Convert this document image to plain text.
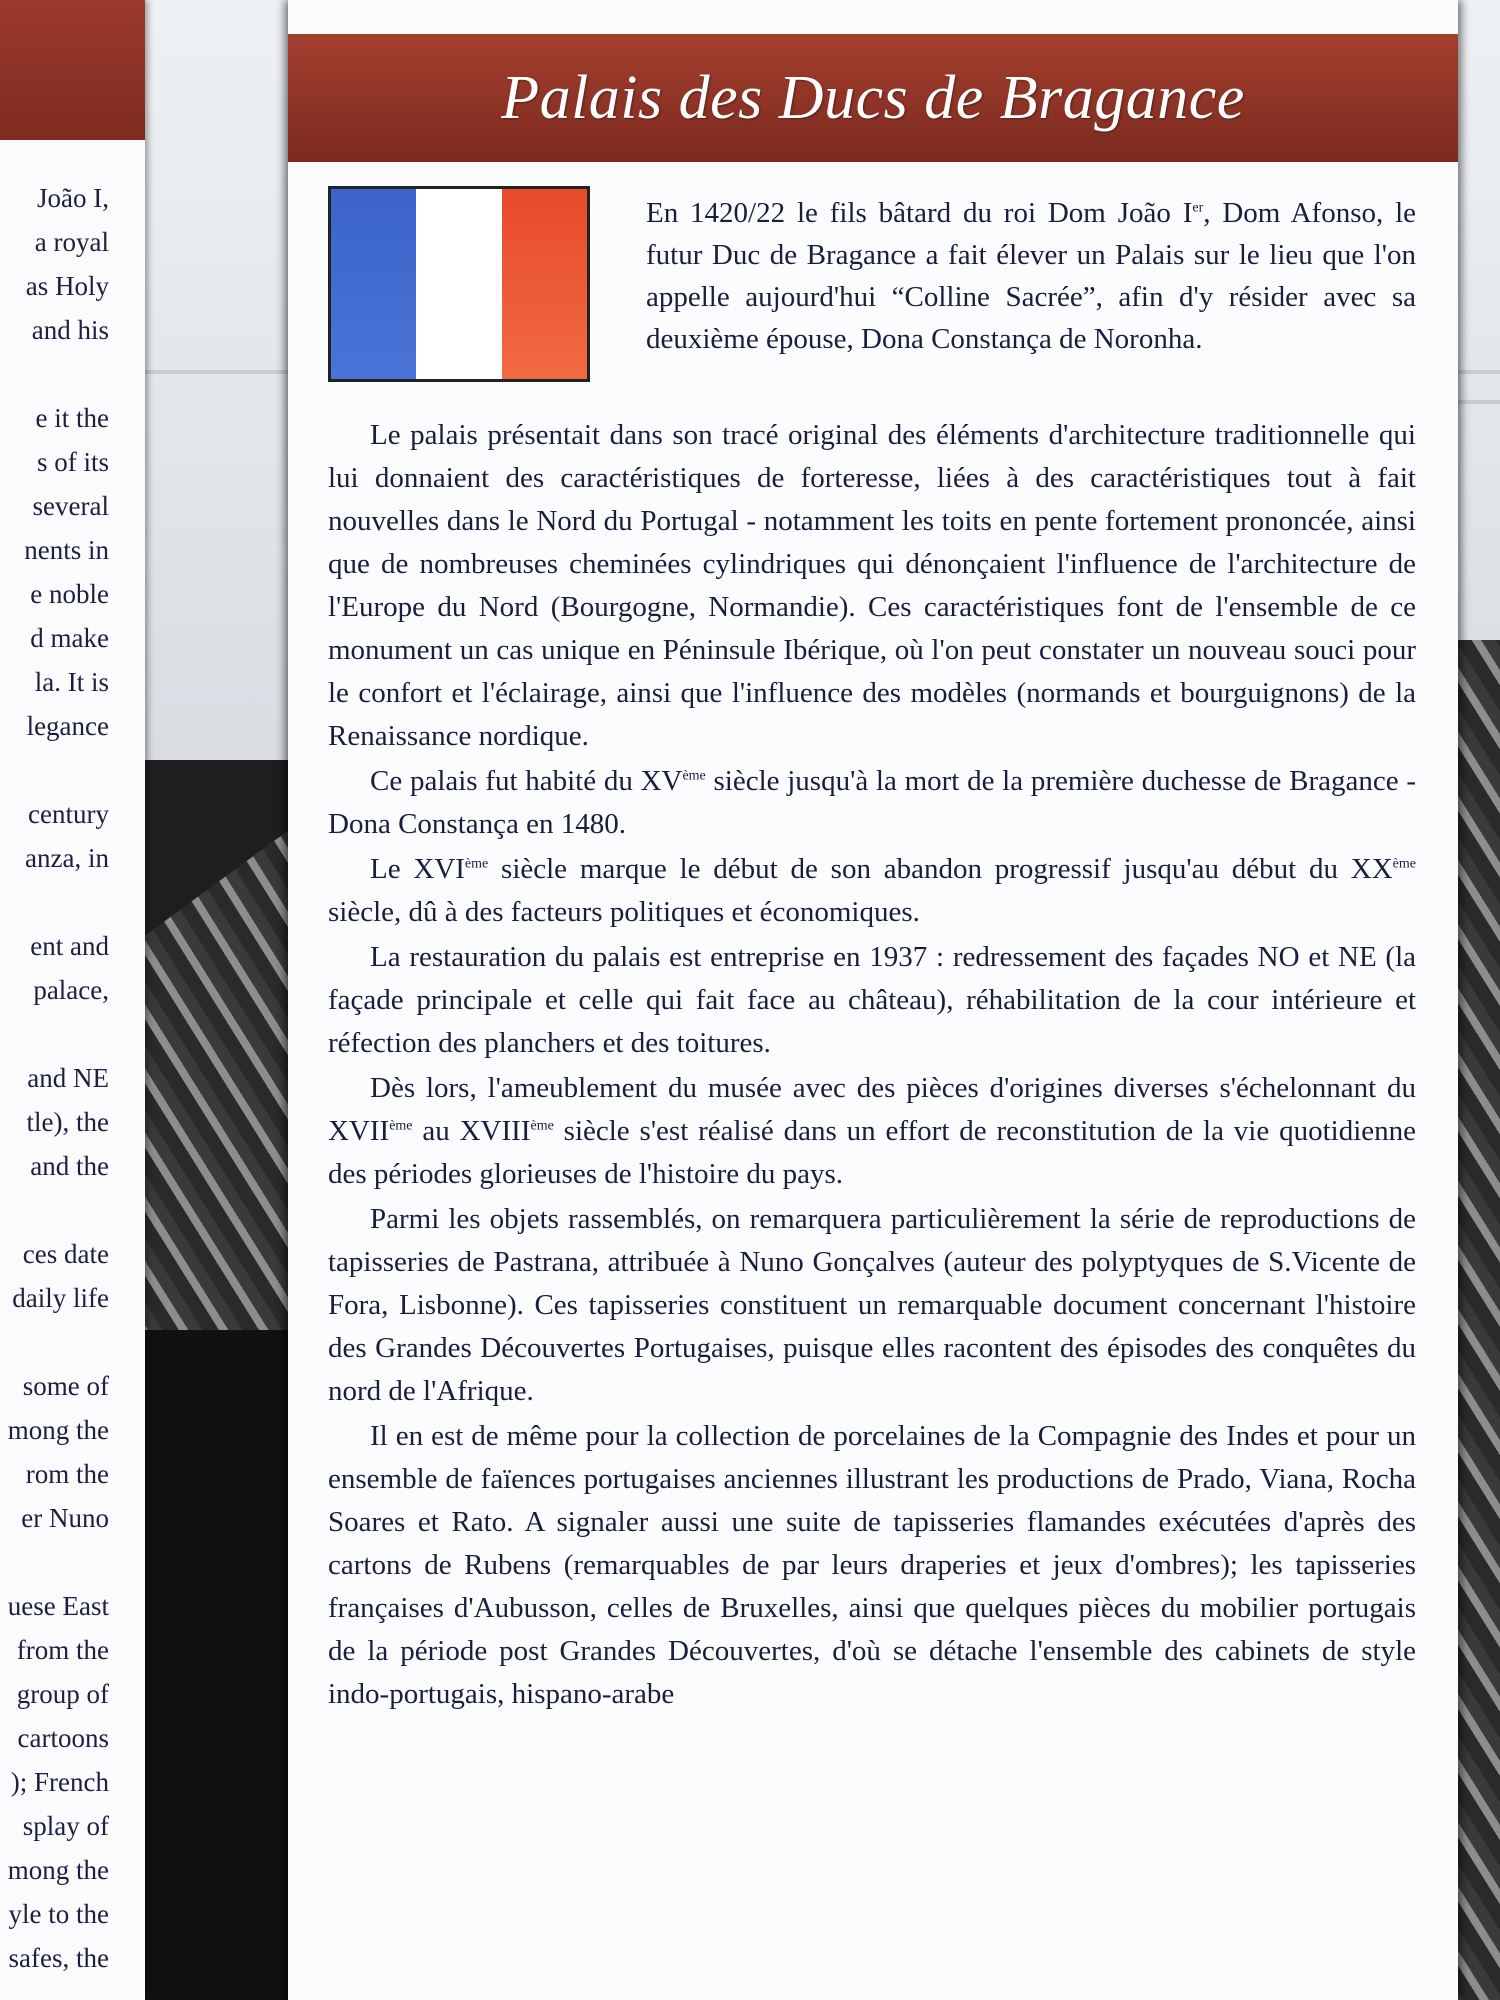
João I,
a royal
as Holy
and his
e it the
s of its
several
nents in
e noble
d make
la. It is
legance
century
anza, in
ent and
palace,
and NE
tle), the
and the
ces date
daily life
some of
mong the
rom the
er Nuno
uese East
from the
group of
cartoons
); French
splay of
mong the
yle to the
safes, the
Palais des Ducs de Bragance
En 1420/22 le fils bâtard du roi Dom João Ier, Dom Afonso, le futur Duc de Bragance a fait élever un Palais sur le lieu que l'on appelle aujourd'hui “Colline Sacrée”, afin d'y résider avec sa deuxième épouse, Dona Constança de Noronha.

Le palais présentait dans son tracé original des éléments d'architecture traditionnelle qui lui donnaient des caractéristiques de forteresse, liées à des caractéristiques tout à fait nouvelles dans le Nord du Portugal - notamment les toits en pente fortement prononcée, ainsi que de nombreuses cheminées cylindriques qui dénonçaient l'influence de l'architecture de l'Europe du Nord (Bourgogne, Normandie). Ces caractéristiques font de l'ensemble de ce monument un cas unique en Péninsule Ibérique, où l'on peut constater un nouveau souci pour le confort et l'éclairage, ainsi que l'influence des modèles (normands et bourguignons) de la Renaissance nordique.

Ce palais fut habité du XVème siècle jusqu'à la mort de la première duchesse de Bragance - Dona Constança en 1480.

Le XVIème siècle marque le début de son abandon progressif jusqu'au début du XXème siècle, dû à des facteurs politiques et économiques.

La restauration du palais est entreprise en 1937 : redressement des façades NO et NE (la façade principale et celle qui fait face au château), réhabilitation de la cour intérieure et réfection des planchers et des toitures.

Dès lors, l'ameublement du musée avec des pièces d'origines diverses s'échelonnant du XVIIème au XVIIIème siècle s'est réalisé dans un effort de reconstitution de la vie quotidienne des périodes glorieuses de l'histoire du pays.

Parmi les objets rassemblés, on remarquera particulièrement la série de reproductions de tapisseries de Pastrana, attribuée à Nuno Gonçalves (auteur des polyptyques de S.Vicente de Fora, Lisbonne). Ces tapisseries constituent un remarquable document concernant l'histoire des Grandes Découvertes Portugaises, puisque elles racontent des épisodes des conquêtes du nord de l'Afrique.

Il en est de même pour la collection de porcelaines de la Compagnie des Indes et pour un ensemble de faïences portugaises anciennes illustrant les productions de Prado, Viana, Rocha Soares et Rato. A signaler aussi une suite de tapisseries flamandes exécutées d'après des cartons de Rubens (remarquables de par leurs draperies et jeux d'ombres); les tapisseries françaises d'Aubusson, celles de Bruxelles, ainsi que quelques pièces du mobilier portugais de la période post Grandes Découvertes, d'où se détache l'ensemble des cabinets de style indo-portugais, hispano-arabe
